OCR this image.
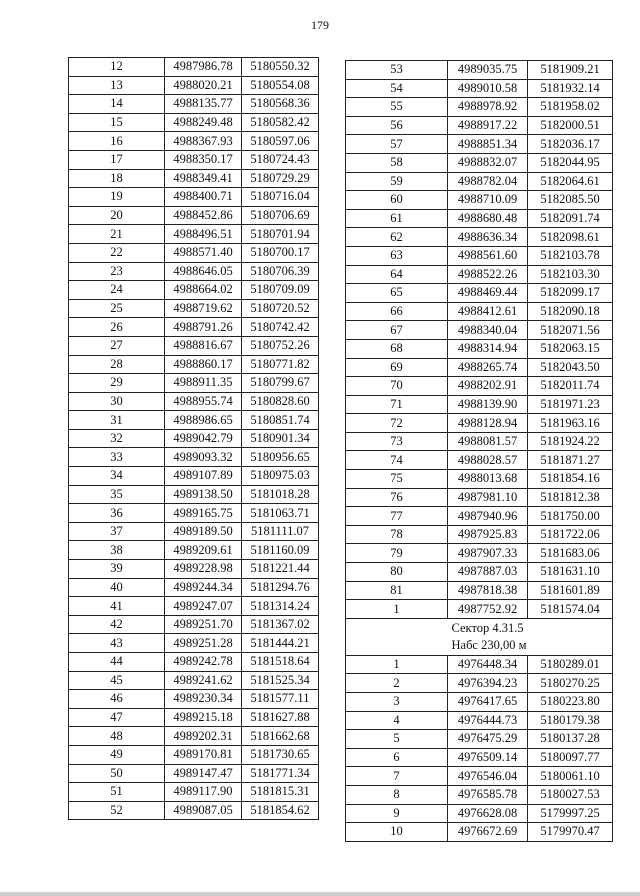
179
12	4987986.78	5180550.32
13	4988020.21	5180554.08
14	4988135.77	5180568.36
15	4988249.48	5180582.42
16	4988367.93	5180597.06
17	4988350.17	5180724.43
18	4988349.41	5180729.29
19	4988400.71	5180716.04
20	4988452.86	5180706.69
21	4988496.51	5180701.94
22	4988571.40	5180700.17
23	4988646.05	5180706.39
24	4988664.02	5180709.09
25	4988719.62	5180720.52
26	4988791.26	5180742.42
27	4988816.67	5180752.26
28	4988860.17	5180771.82
29	4988911.35	5180799.67
30	4988955.74	5180828.60
31	4988986.65	5180851.74
32	4989042.79	5180901.34
33	4989093.32	5180956.65
34	4989107.89	5180975.03
35	4989138.50	5181018.28
36	4989165.75	5181063.71
37	4989189.50	5181111.07
38	4989209.61	5181160.09
39	4989228.98	5181221.44
40	4989244.34	5181294.76
41	4989247.07	5181314.24
42	4989251.70	5181367.02
43	4989251.28	5181444.21
44	4989242.78	5181518.64
45	4989241.62	5181525.34
46	4989230.34	5181577.11
47	4989215.18	5181627.88
48	4989202.31	5181662.68
49	4989170.81	5181730.65
50	4989147.47	5181771.34
51	4989117.90	5181815.31
52	4989087.05	5181854.62
53	4989035.75	5181909.21
54	4989010.58	5181932.14
55	4988978.92	5181958.02
56	4988917.22	5182000.51
57	4988851.34	5182036.17
58	4988832.07	5182044.95
59	4988782.04	5182064.61
60	4988710.09	5182085.50
61	4988680.48	5182091.74
62	4988636.34	5182098.61
63	4988561.60	5182103.78
64	4988522.26	5182103.30
65	4988469.44	5182099.17
66	4988412.61	5182090.18
67	4988340.04	5182071.56
68	4988314.94	5182063.15
69	4988265.74	5182043.50
70	4988202.91	5182011.74
71	4988139.90	5181971.23
72	4988128.94	5181963.16
73	4988081.57	5181924.22
74	4988028.57	5181871.27
75	4988013.68	5181854.16
76	4987981.10	5181812.38
77	4987940.96	5181750.00
78	4987925.83	5181722.06
79	4987907.33	5181683.06
80	4987887.03	5181631.10
81	4987818.38	5181601.89
1	4987752.92	5181574.04

	Сектор 4.31.5
Набс 230,00 м	

1	4976448.34	5180289.01
2	4976394.23	5180270.25
3	4976417.65	5180223.80
4	4976444.73	5180179.38
5	4976475.29	5180137.28
6	4976509.14	5180097.77
7	4976546.04	5180061.10
8	4976585.78	5180027.53
9	4976628.08	5179997.25
10	4976672.69	5179970.47
